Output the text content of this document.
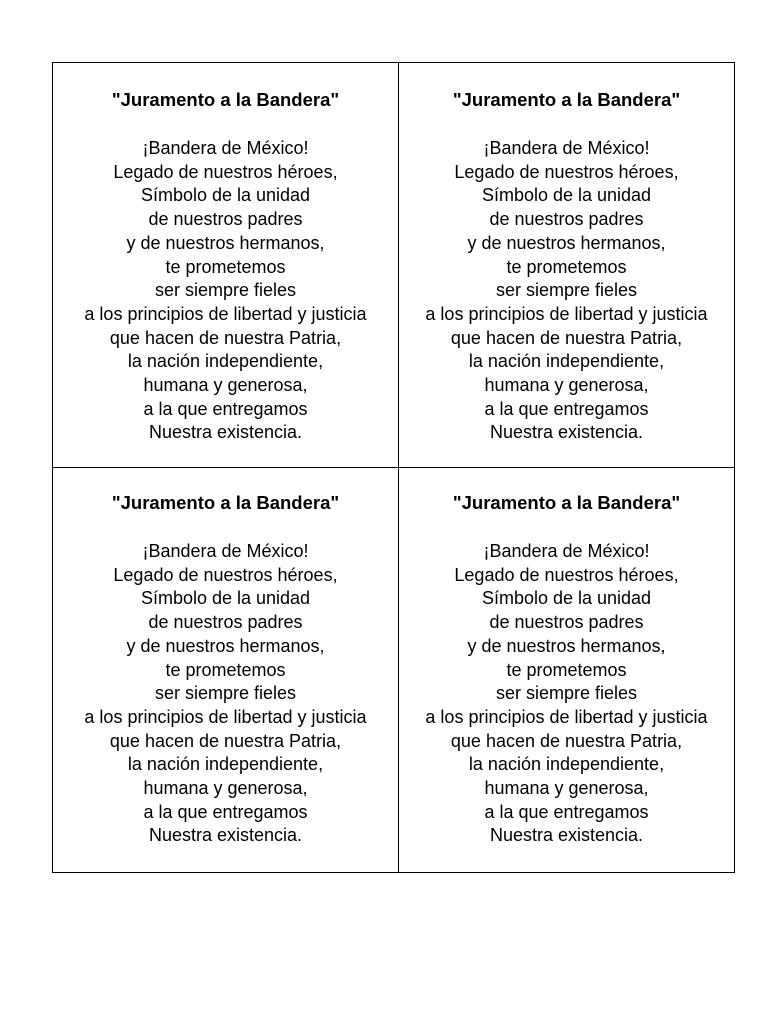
"Juramento a la Bandera"
¡Bandera de México!
Legado de nuestros héroes,
Símbolo de la unidad
de nuestros padres
y de nuestros hermanos,
te prometemos
ser siempre fieles
a los principios de libertad y justicia
que hacen de nuestra Patria,
la nación independiente,
humana y generosa,
a la que entregamos
Nuestra existencia.
"Juramento a la Bandera"
¡Bandera de México!
Legado de nuestros héroes,
Símbolo de la unidad
de nuestros padres
y de nuestros hermanos,
te prometemos
ser siempre fieles
a los principios de libertad y justicia
que hacen de nuestra Patria,
la nación independiente,
humana y generosa,
a la que entregamos
Nuestra existencia.
"Juramento a la Bandera"
¡Bandera de México!
Legado de nuestros héroes,
Símbolo de la unidad
de nuestros padres
y de nuestros hermanos,
te prometemos
ser siempre fieles
a los principios de libertad y justicia
que hacen de nuestra Patria,
la nación independiente,
humana y generosa,
a la que entregamos
Nuestra existencia.
"Juramento a la Bandera"
¡Bandera de México!
Legado de nuestros héroes,
Símbolo de la unidad
de nuestros padres
y de nuestros hermanos,
te prometemos
ser siempre fieles
a los principios de libertad y justicia
que hacen de nuestra Patria,
la nación independiente,
humana y generosa,
a la que entregamos
Nuestra existencia.
